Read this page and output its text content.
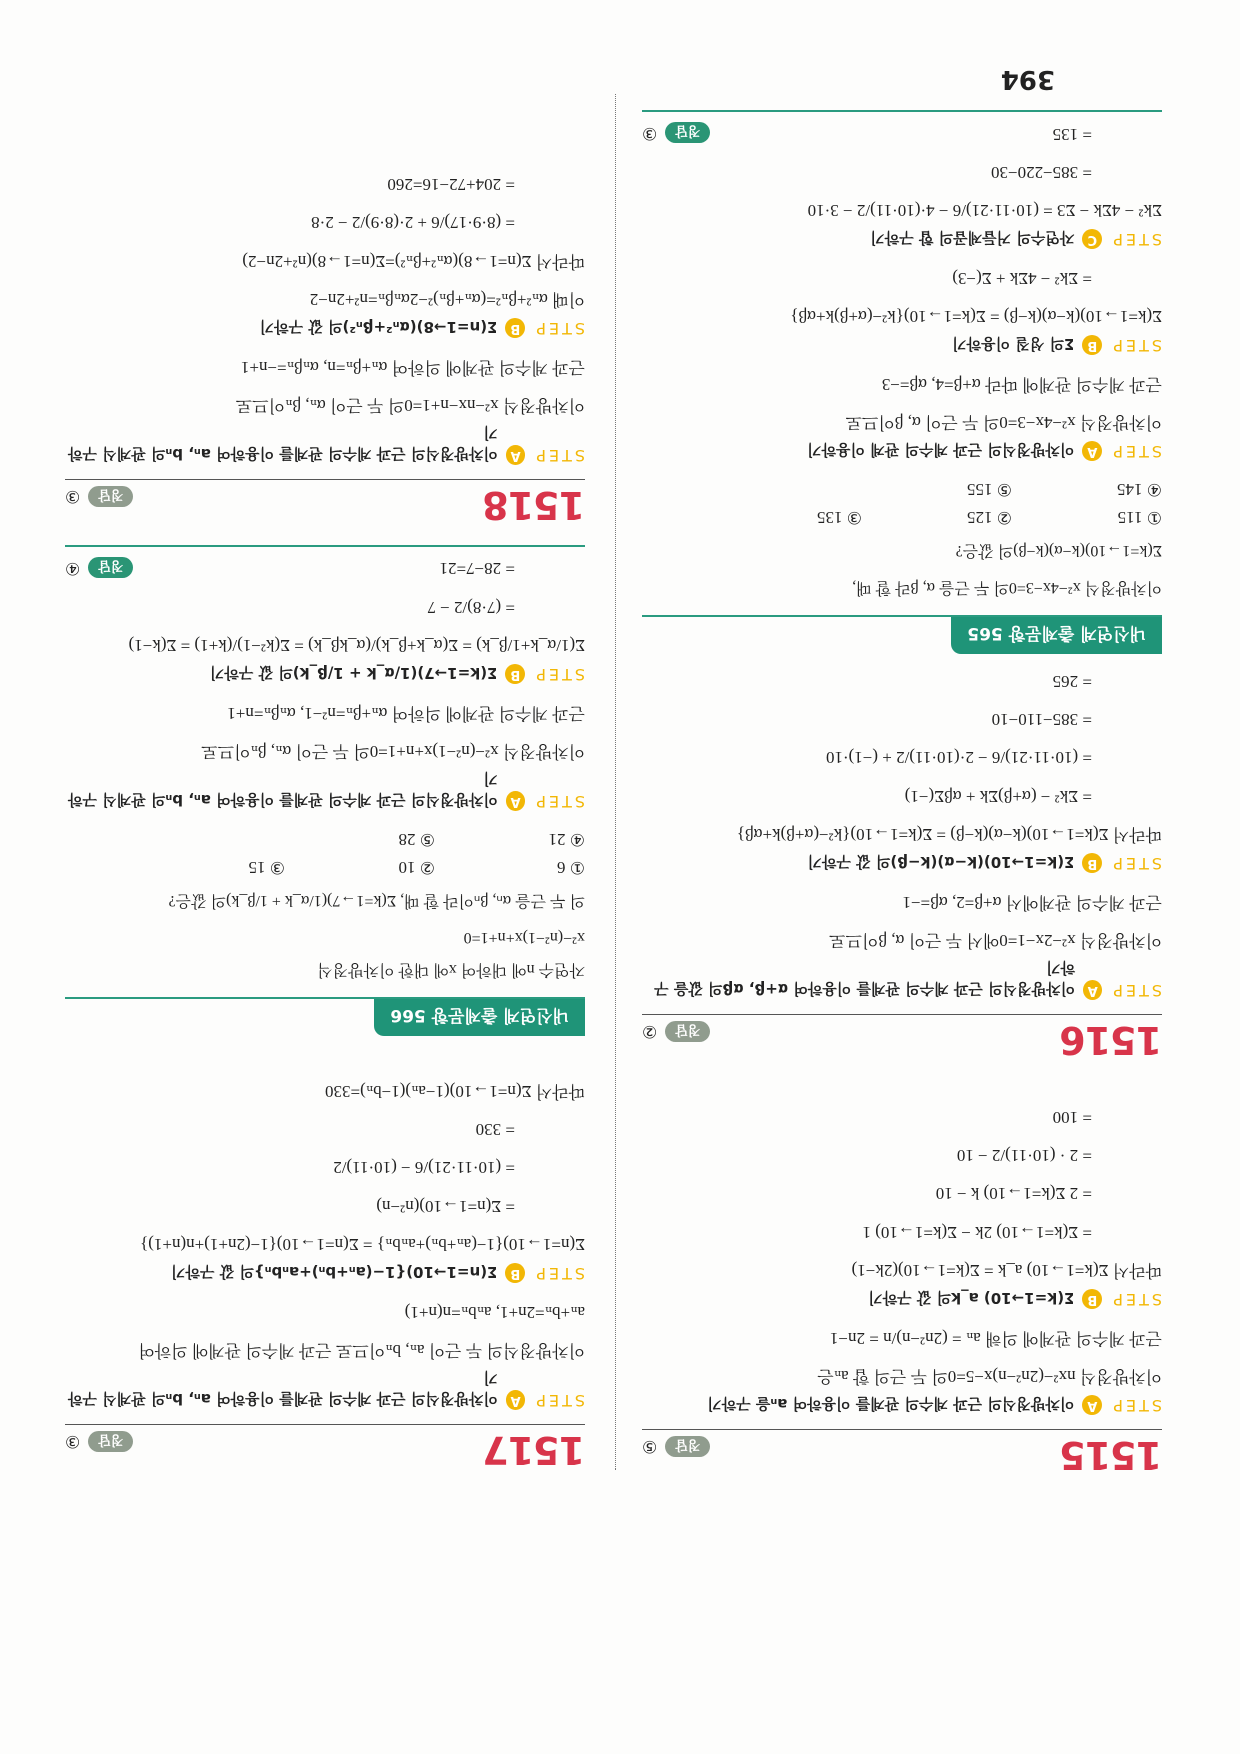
394
1515
정답
⑤
STEP
A
이차방정식의 근과 계수의 관계를 이용하여 aₙ을 구하기
이차방정식 nx²−(2n²−n)x−5=0의 두 근의 합 aₙ은
근과 계수의 관계에 의해 aₙ = (2n²−n)/n = 2n−1
STEP
B
Σ(k=1→10) a_k의 값 구하기
따라서 Σ(k=1→10) a_k = Σ(k=1→10)(2k−1)
= Σ(k=1→10) 2k − Σ(k=1→10) 1
= 2 Σ(k=1→10) k − 10
= 2 · (10·11)/2 − 10
= 100
1516
정답
②
STEP
A
이차방정식의 근과 계수의 관계를 이용하여 α+β, αβ의 값을 구하기
이차방정식 x²−2x−1=0에서 두 근이 α, β이므로
근과 계수의 관계에서 α+β=2, αβ=−1
STEP
B
Σ(k=1→10)(k−α)(k−β)의 값 구하기
따라서 Σ(k=1→10)(k−α)(k−β) = Σ(k=1→10){k²−(α+β)k+αβ}
= Σk² − (α+β)Σk + αβΣ(−1)
= (10·11·21)/6 − 2·(10·11)/2 + (−1)·10
= 385−110−10
= 265
내신연계 출제문항 565
이차방정식 x²−4x−3=0의 두 근을 α, β라 할 때,
Σ(k=1→10)(k−α)(k−β)의 값은?
① 115
② 125
③ 135
④ 145
⑤ 155
STEP
A
이차방정식의 근과 계수의 관계 이용하기
이차방정식 x²−4x−3=0의 두 근이 α, β이므로
근과 계수의 관계에 따라 α+β=4, αβ=−3
STEP
B
Σ의 성질 이용하기
Σ(k=1→10)(k−α)(k−β) = Σ(k=1→10){k²−(α+β)k+αβ}
= Σk² − 4Σk + Σ(−3)
STEP
C
자연수의 거듭제곱의 합 구하기
Σk² − 4Σk − Σ3 = (10·11·21)/6 − 4·(10·11)/2 − 3·10
= 385−220−30
= 135
정답
③
1517
정답
③
STEP
A
이차방정식의 근과 계수의 관계를 이용하여 aₙ, bₙ의 관계식 구하기
이차방정식의 두 근이 aₙ, bₙ이므로 근과 계수의 관계에 의하여
aₙ+bₙ=2n+1, aₙbₙ=n(n+1)
STEP
B
Σ(n=1→10){1−(aₙ+bₙ)+aₙbₙ}의 값 구하기
Σ(n=1→10){1−(aₙ+bₙ)+aₙbₙ} = Σ(n=1→10){1−(2n+1)+n(n+1)}
= Σ(n=1→10)(n²−n)
= (10·11·21)/6 − (10·11)/2
= 330
따라서 Σ(n=1→10)(1−aₙ)(1−bₙ)=330
내신연계 출제문항 566
자연수 n에 대하여 x에 대한 이차방정식
x²−(n²−1)x+n+1=0
의 두 근을 αₙ, βₙ이라 할 때, Σ(k=1→7)(1/α_k + 1/β_k)의 값은?
① 6
② 10
③ 15
④ 21
⑤ 28
STEP
A
이차방정식의 근과 계수의 관계를 이용하여 aₙ, bₙ의 관계식 구하기
이차방정식 x²−(n²−1)x+n+1=0의 두 근이 αₙ, βₙ이므로
근과 계수의 관계에 의하여 αₙ+βₙ=n²−1, αₙβₙ=n+1
STEP
B
Σ(k=1→7)(1/α_k + 1/β_k)의 값 구하기
Σ(1/α_k+1/β_k) = Σ(α_k+β_k)/(α_kβ_k) = Σ(k²−1)/(k+1) = Σ(k−1)
= (7·8)/2 − 7
= 28−7=21
정답
④
1518
정답
③
STEP
A
이차방정식의 근과 계수의 관계를 이용하여 aₙ, bₙ의 관계식 구하기
이차방정식 x²−nx−n+1=0의 두 근이 αₙ, βₙ이므로
근과 계수의 관계에 의하여 αₙ+βₙ=n, αₙβₙ=−n+1
STEP
B
Σ(n=1→8)(αₙ²+βₙ²)의 값 구하기
이때 αₙ²+βₙ²=(αₙ+βₙ)²−2αₙβₙ=n²+2n−2
따라서 Σ(n=1→8)(αₙ²+βₙ²)=Σ(n=1→8)(n²+2n−2)
= (8·9·17)/6 + 2·(8·9)/2 − 2·8
= 204+72−16=260
